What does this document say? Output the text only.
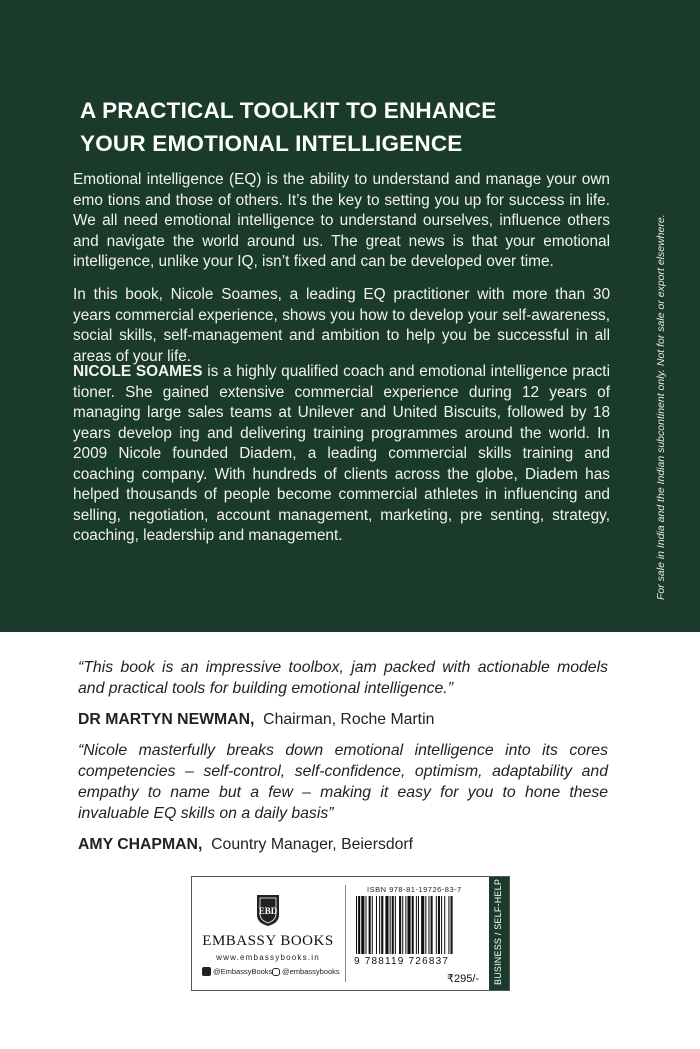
A PRACTICAL TOOLKIT TO ENHANCE
YOUR EMOTIONAL INTELLIGENCE
Emotional intelligence (EQ) is the ability to understand and manage your own emo tions and those of others. It’s the key to setting you up for success in life. We all need emotional intelligence to understand ourselves, influence others and navigate the world around us. The great news is that your emotional intelligence, unlike your IQ, isn’t fixed and can be developed over time.
In this book, Nicole Soames, a leading EQ practitioner with more than 30 years commercial experience, shows you how to develop your self-awareness, social skills, self-management and ambition to help you be successful in all areas of your life.
NICOLE SOAMES is a highly qualified coach and emotional intelligence practi tioner. She gained extensive commercial experience during 12 years of managing large sales teams at Unilever and United Biscuits, followed by 18 years develop ing and delivering training programmes around the world. In 2009 Nicole founded Diadem, a leading commercial skills training and coaching company. With hundreds of clients across the globe, Diadem has helped thousands of people become commercial athletes in influencing and selling, negotiation, account management, marketing, pre senting, strategy, coaching, leadership and management.	For sale in India and the Indian subcontinent only. Not for sale or export elsewhere.
“This book is an impressive toolbox, jam packed with actionable models and practical tools for building emotional intelligence.”
DR MARTYN NEWMAN, Chairman, Roche Martin
“Nicole masterfully breaks down emotional intelligence into its cores competencies – self-control, self-confidence, optimism, adaptability and empathy to name but a few – making it easy for you to hone these invaluable EQ skills on a daily basis”
AMY CHAPMAN, Country Manager, Beiersdorf
EBD
EMBASSY BOOKS
www.embassybooks.in
@EmbassyBooks @embassybooks
ISBN 978-81-19726-83-7
9 788119 726837
₹295/- BUSINESS / SELF-HELP
